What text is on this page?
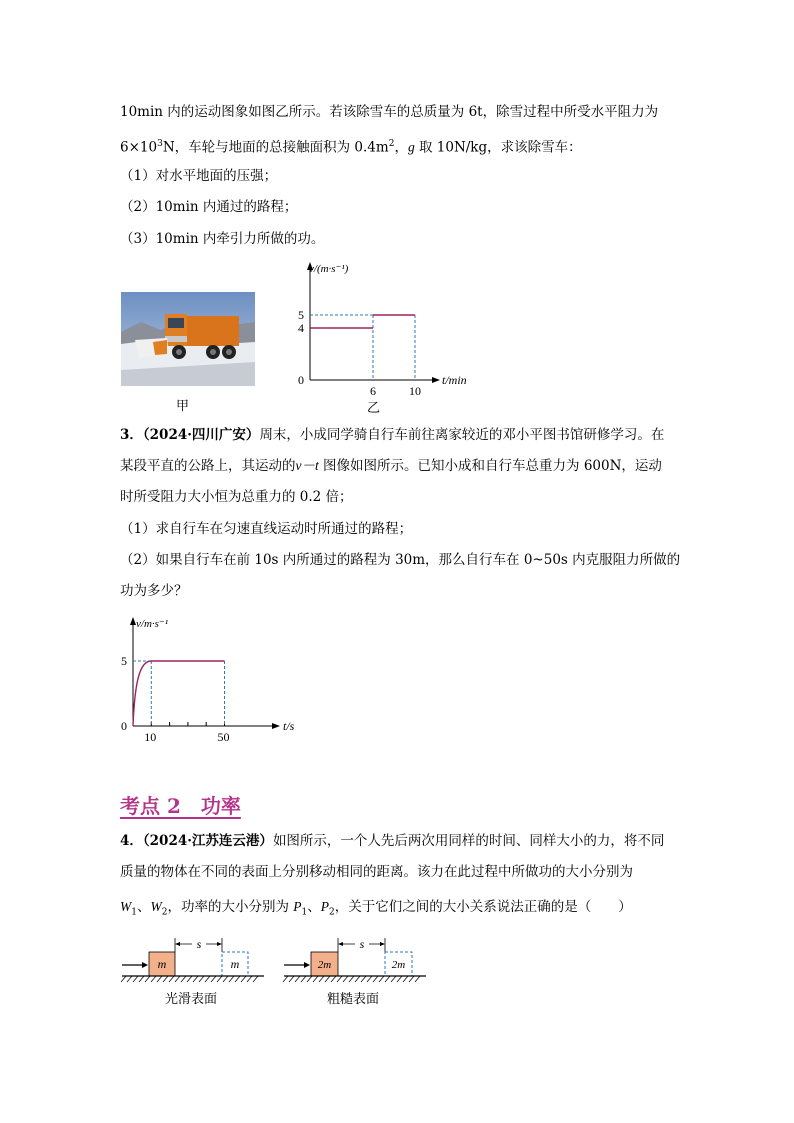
10min 内的运动图象如图乙所示。若该除雪车的总质量为 6t，除雪过程中所受水平阻力为
$6\times 10^3N$，车轮与地面的总接触面积为 $0.4m^2$，g 取 10N/kg，求该除雪车：
（1）对水平地面的压强；
（2）10min 内通过的路程；
（3）10min 内牵引力所做的功。
甲
v/(m·s⁻¹)
t/min
4
5
0
6	10
乙
3．（2024·四川广安）周末，小成同学骑自行车前往离家较近的邓小平图书馆研修学习。在
某段平直的公路上，其运动的v－t 图像如图所示。已知小成和自行车总重力为 600N，运动
时所受阻力大小恒为总重力的 0.2 倍；
（1）求自行车在匀速直线运动时所通过的路程；
（2）如果自行车在前 10s 内所通过的路程为 30m，那么自行车在 0~50s 内克服阻力所做的
功为多少？
v/m·s⁻¹
t/s
5
0
10	50
考点 2　功率
4．（2024·江苏连云港）如图所示，一个人先后两次用同样的时间、同样大小的力，将不同
质量的物体在不同的表面上分别移动相同的距离。该力在此过程中所做功的大小分别为
$W_1$、$W_2$，功率的大小分别为 $P_1$、$P_2$，关于它们之间的大小关系说法正确的是（　　）
m
s
m
光滑表面
2m
s
2m
粗糙表面
